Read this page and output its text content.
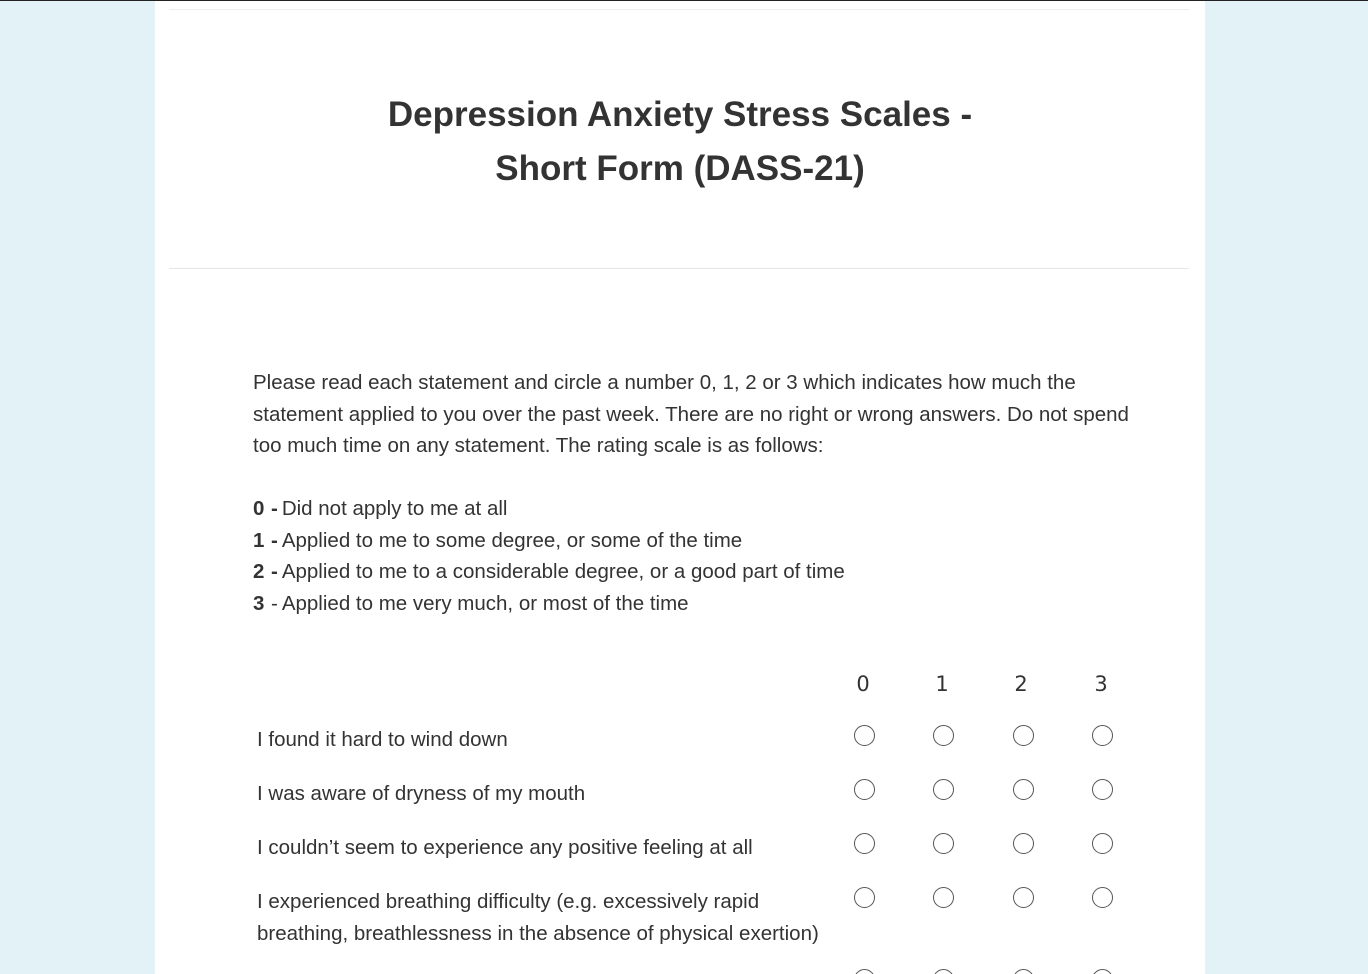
Depression Anxiety Stress Scales -
Short Form (DASS-21)

Please read each statement and circle a number 0, 1, 2 or 3 which indicates how much the statement applied to you over the past week. There are no right or wrong answers. Do not spend too much time on any statement. The rating scale is as follows:

0 - Did not apply to me at all
1 - Applied to me to some degree, or some of the time
2 - Applied to me to a considerable degree, or a good part of time
3 - Applied to me very much, or most of the time
0	1	2	3
I found it hard to wind down
I was aware of dryness of my mouth
I couldn’t seem to experience any positive feeling at all
I experienced breathing difficulty (e.g. excessively rapid breathing, breathlessness in the absence of physical exertion)
